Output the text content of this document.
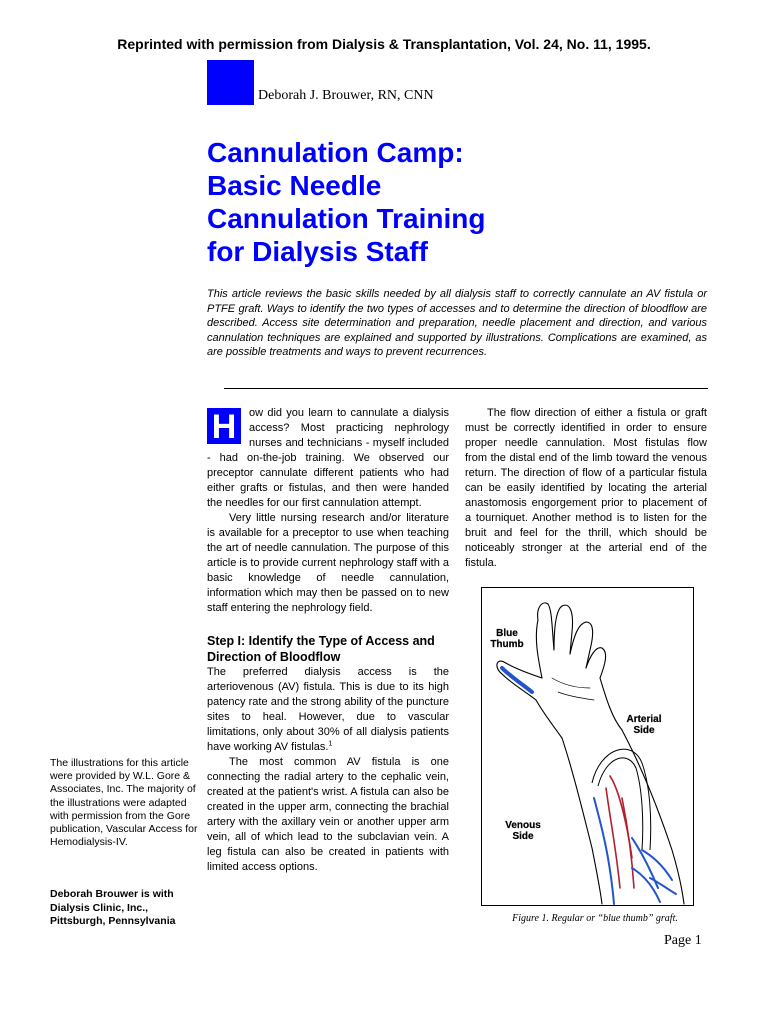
Reprinted with permission from Dialysis & Transplantation, Vol. 24, No. 11, 1995.
Deborah J. Brouwer, RN, CNN
Cannulation Camp:
Basic Needle
Cannulation Training
for Dialysis Staff
This article reviews the basic skills needed by all dialysis staff to correctly cannulate an AV fistula or PTFE graft. Ways to identify the two types of accesses and to determine the direction of bloodflow are described. Access site determination and preparation, needle placement and direction, and various cannulation techniques are explained and supported by illustrations. Complications are examined, as are possible treatments and ways to prevent recurrences.
H	ow did you learn to cannulate a dialysis access? Most practicing nephrology nurses and technicians - myself included - had on-the-job training. We observed our preceptor cannulate different patients who had either grafts or fistulas, and then were handed the needles for our first cannulation attempt.

Very little nursing research and/or literature is available for a preceptor to use when teaching the art of needle cannulation. The purpose of this article is to provide current nephrology staff with a basic knowledge of needle cannulation, information which may then be passed on to new staff entering the nephrology field.

Step I: Identify the Type of Access and Direction of Bloodflow

The preferred dialysis access is the arteriovenous (AV) fistula. This is due to its high patency rate and the strong ability of the puncture sites to heal. However, due to vascular limitations, only about 30% of all dialysis patients have working AV fistulas.$^1$

The most common AV fistula is one connecting the radial artery to the cephalic vein, created at the patient's wrist. A fistula can also be created in the upper arm, connecting the brachial artery with the axillary vein or another upper arm vein, all of which lead to the subclavian vein. A leg fistula can also be created in patients with limited access options.

The flow direction of either a fistula or graft must be correctly identified in order to ensure proper needle cannulation. Most fistulas flow from the distal end of the limb toward the venous return. The direction of flow of a particular fistula can be easily identified by locating the arterial anastomosis engorgement prior to placement of a tourniquet. Another method is to listen for the bruit and feel for the thrill, which should be noticeably stronger at the arterial end of the fistula.

Blue Thumb
Arterial Side
Venous Side
Figure 1. Regular or “blue thumb” graft.
The illustrations for this article were provided by W.L. Gore & Associates, Inc. The majority of the illustrations were adapted with permission from the Gore publication, Vascular Access for Hemodialysis-IV.
Deborah Brouwer is with Dialysis Clinic, Inc., Pittsburgh, Pennsylvania
Page 1
